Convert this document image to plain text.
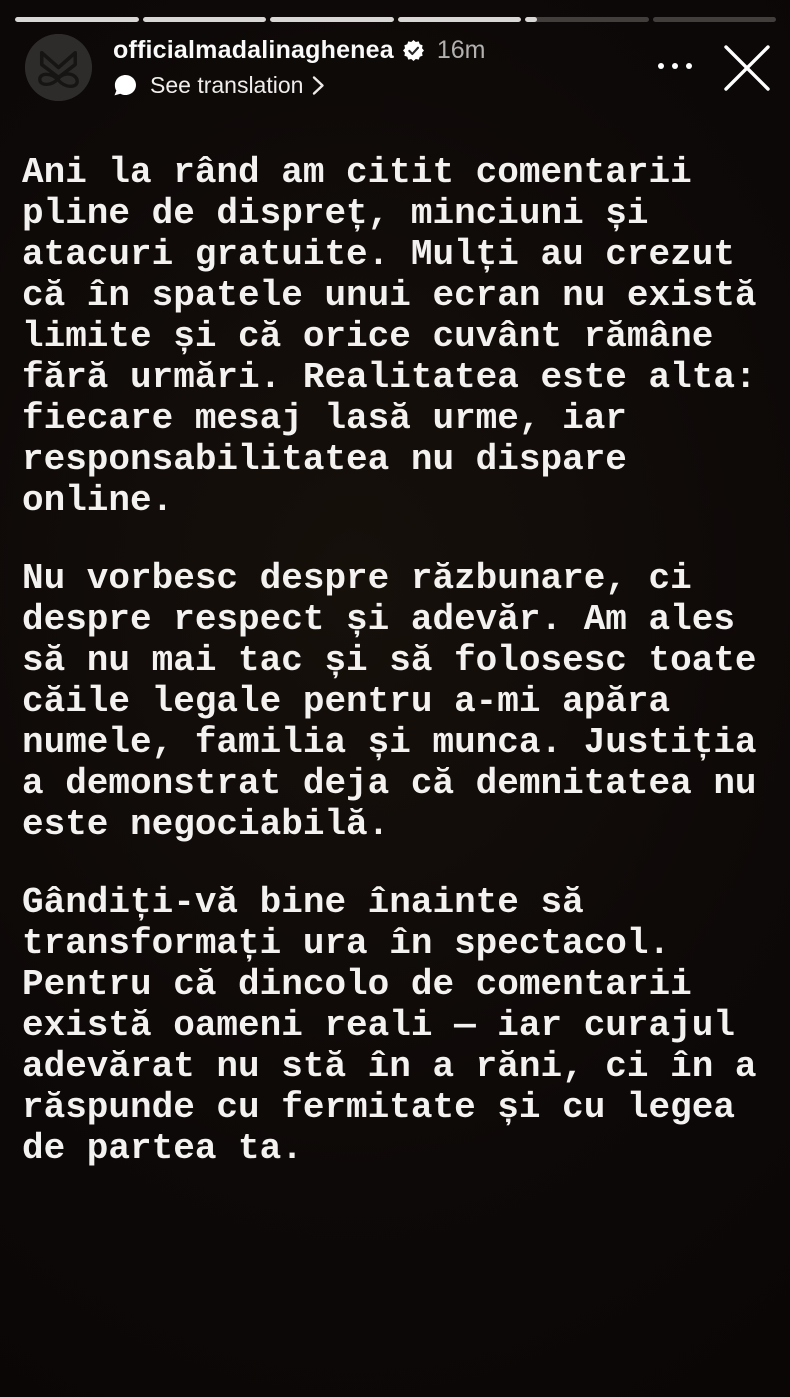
officialmadalinaghenea 16m
See translation
Ani la rând am citit comentarii
pline de dispreț, minciuni și
atacuri gratuite. Mulți au crezut
că în spatele unui ecran nu există
limite și că orice cuvânt rămâne
fără urmări. Realitatea este alta:
fiecare mesaj lasă urme, iar
responsabilitatea nu dispare
online.
Nu vorbesc despre răzbunare, ci
despre respect și adevăr. Am ales
să nu mai tac și să folosesc toate
căile legale pentru a-mi apăra
numele, familia și munca. Justiția
a demonstrat deja că demnitatea nu
este negociabilă.
Gândiți-vă bine înainte să
transformați ura în spectacol.
Pentru că dincolo de comentarii
există oameni reali — iar curajul
adevărat nu stă în a răni, ci în a
răspunde cu fermitate și cu legea
de partea ta.
